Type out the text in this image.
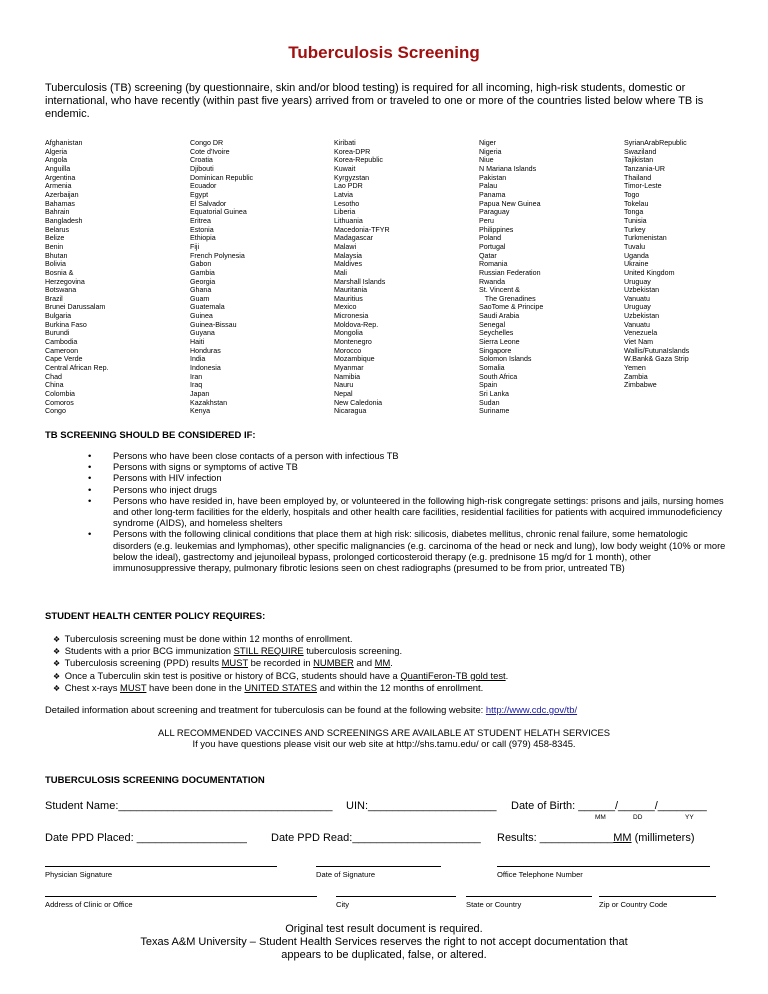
Tuberculosis Screening
Tuberculosis (TB) screening (by questionnaire, skin and/or blood testing) is required for all incoming, high-risk students, domestic or international, who have recently (within past five years) arrived from or traveled to one or more of the countries listed below where TB is endemic.
Afghanistan
Algeria
Angola
Anguilla
Argentina
Armenia
Azerbaijan
Bahamas
Bahrain
Bangladesh
Belarus
Belize
Benin
Bhutan
Bolivia
Bosnia &
Herzegovina
Botswana
Brazil
Brunei Darussalam
Bulgaria
Burkina Faso
Burundi
Cambodia
Cameroon
Cape Verde
Central African Rep.
Chad
China
Colombia
Comoros
Congo
Congo DR
Cote d'Ivoire
Croatia
Djibouti
Dominican Republic
Ecuador
Egypt
El Salvador
Equatorial Guinea
Eritrea
Estonia
Ethiopia
Fiji
French Polynesia
Gabon
Gambia
Georgia
Ghana
Guam
Guatemala
Guinea
Guinea-Bissau
Guyana
Haiti
Honduras
India
Indonesia
Iran
Iraq
Japan
Kazakhstan
Kenya
Kiribati
Korea-DPR
Korea-Republic
Kuwait
Kyrgyzstan
Lao PDR
Latvia
Lesotho
Liberia
Lithuania
Macedonia-TFYR
Madagascar
Malawi
Malaysia
Maldives
Mali
Marshall Islands
Mauritania
Mauritius
Mexico
Micronesia
Moldova-Rep.
Mongolia
Montenegro
Morocco
Mozambique
Myanmar
Namibia
Nauru
Nepal
New Caledonia
Nicaragua
Niger
Nigeria
Niue
N Mariana Islands
Pakistan
Palau
Panama
Papua New Guinea
Paraguay
Peru
Philippines
Poland
Portugal
Qatar
Romania
Russian Federation
Rwanda
St. Vincent &
The Grenadines
SaoTome & Principe
Saudi Arabia
Senegal
Seychelles
Sierra Leone
Singapore
Solomon Islands
Somalia
South Africa
Spain
Sri Lanka
Sudan
Suriname
SyrianArabRepublic
Swaziland
Tajikistan
Tanzania-UR
Thailand
Timor-Leste
Togo
Tokelau
Tonga
Tunisia
Turkey
Turkmenistan
Tuvalu
Uganda
Ukraine
United Kingdom
Uruguay
Uzbekistan
Vanuatu
Uruguay
Uzbekistan
Vanuatu
Venezuela
Viet Nam
Wallis/FutunaIslands
W.Bank& Gaza Strip
Yemen
Zambia
Zimbabwe
TB SCREENING SHOULD BE CONSIDERED IF:
• Persons who have been close contacts of a person with infectious TB
• Persons with signs or symptoms of active TB
• Persons with HIV infection
• Persons who inject drugs
• Persons who have resided in, have been employed by, or volunteered in the following high-risk congregate settings: prisons and jails, nursing homes and other long-term facilities for the elderly, hospitals and other health care facilities, residential facilities for patients with acquired immunodeficiency syndrome (AIDS), and homeless shelters
• Persons with the following clinical conditions that place them at high risk: silicosis, diabetes mellitus, chronic renal failure, some hematologic disorders (e.g. leukemias and lymphomas), other specific malignancies (e.g. carcinoma of the head or neck and lung), low body weight (10% or more below the ideal), gastrectomy and jejunoileal bypass, prolonged corticosteroid therapy (e.g. prednisone 15 mg/d for 1 month), other immunosuppressive therapy, pulmonary fibrotic lesions seen on chest radiographs (presumed to be from prior, untreated TB)
STUDENT HEALTH CENTER POLICY REQUIRES:
❖ Tuberculosis screening must be done within 12 months of enrollment.
❖ Students with a prior BCG immunization STILL REQUIRE tuberculosis screening.
❖ Tuberculosis screening (PPD) results MUST be recorded in NUMBER and MM.
❖ Once a Tuberculin skin test is positive or history of BCG, students should have a QuantiFeron-TB gold test.
❖ Chest x-rays MUST have been done in the UNITED STATES and within the 12 months of enrollment.
Detailed information about screening and treatment for tuberculosis can be found at the following website: http://www.cdc.gov/tb/
ALL RECOMMENDED VACCINES AND SCREENINGS ARE AVAILABLE AT STUDENT HELATH SERVICES
If you have questions please visit our web site at http://shs.tamu.edu/ or call (979) 458-8345.
TUBERCULOSIS SCREENING DOCUMENTATION
Student Name:___________________________________ UIN:_____________________ Date of Birth: ______/______/________
MM	DD	YY
Date PPD Placed: __________________ Date PPD Read:_____________________ Results: ____________MM (millimeters)
Physician Signature	Date of Signature	Office Telephone Number
Address of Clinic or Office	City	State or Country	Zip or Country Code
Original test result document is required.
Texas A&M University – Student Health Services reserves the right to not accept documentation that
appears to be duplicated, false, or altered.
